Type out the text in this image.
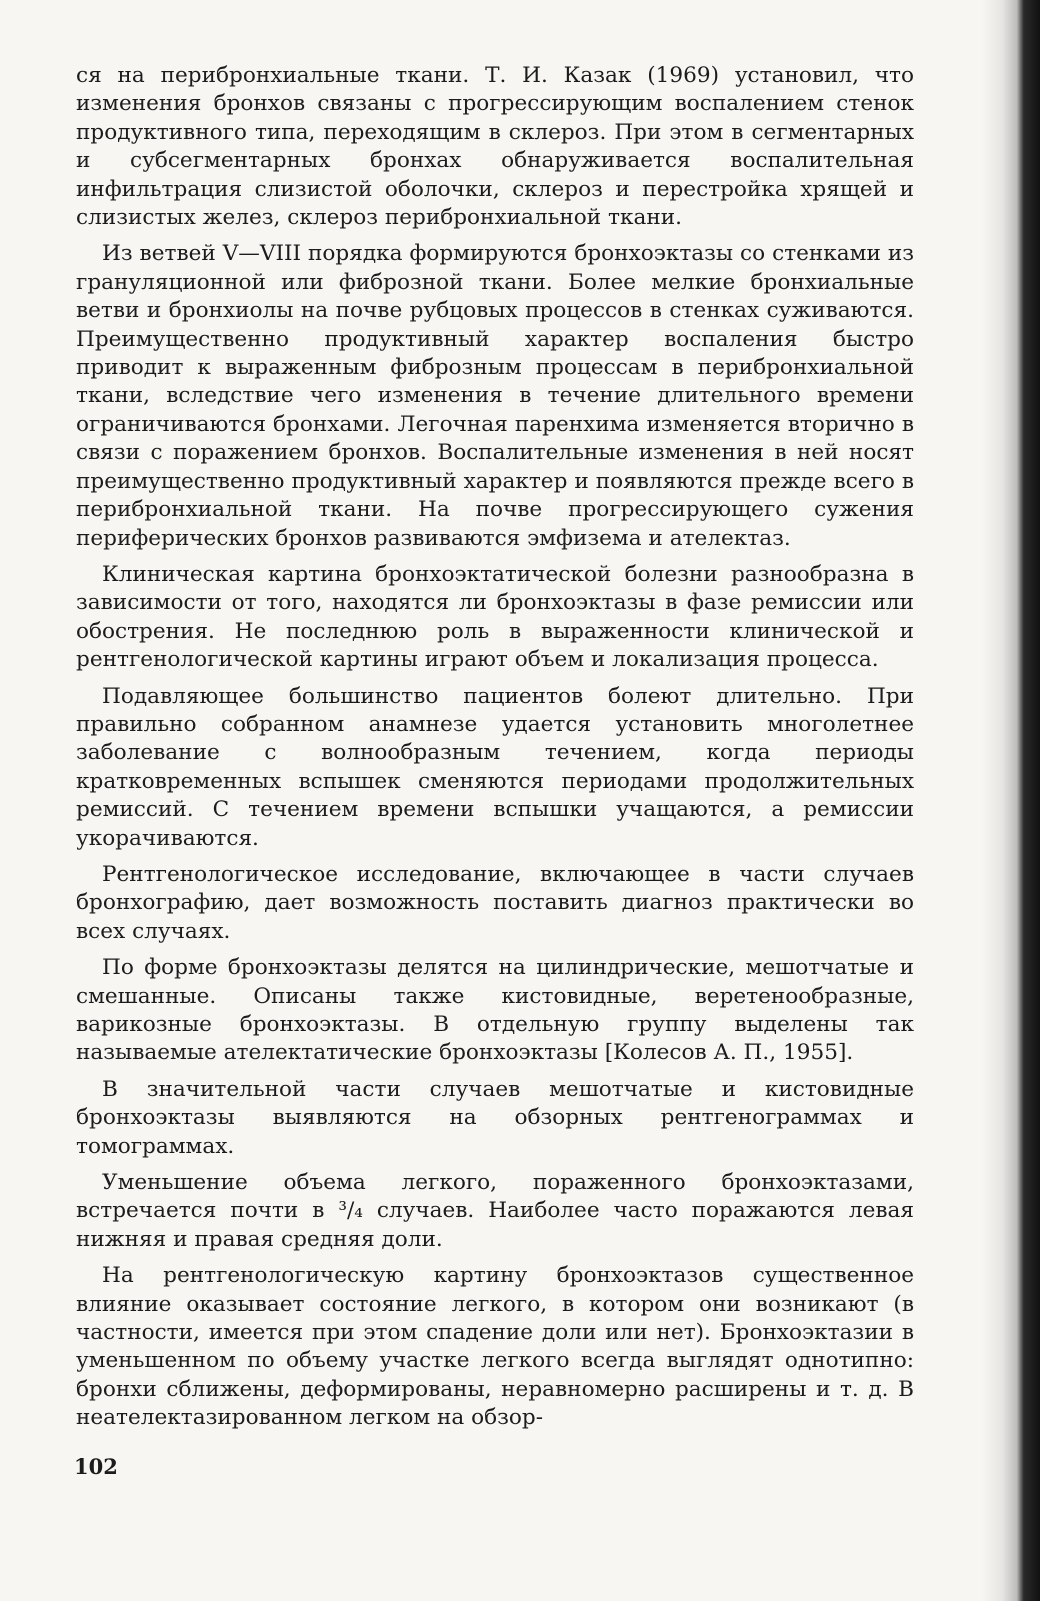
ся на перибронхиальные ткани. Т. И. Казак (1969) установил, что изменения бронхов связаны с прогрессирующим воспалением стенок продуктивного типа, переходящим в склероз. При этом в сегментарных и субсегментарных бронхах обнаруживается воспалительная инфильтрация слизистой оболочки, склероз и перестройка хрящей и слизистых желез, склероз перибронхиальной ткани.

Из ветвей V—VIII порядка формируются бронхоэктазы со стенками из грануляционной или фиброзной ткани. Более мелкие бронхиальные ветви и бронхиолы на почве рубцовых процессов в стенках суживаются. Преимущественно продуктивный характер воспаления быстро приводит к выраженным фиброзным процессам в перибронхиальной ткани, вследствие чего изменения в течение длительного времени ограничиваются бронхами. Легочная паренхима изменяется вторично в связи с поражением бронхов. Воспалительные изменения в ней носят преимущественно продуктивный характер и появляются прежде всего в перибронхиальной ткани. На почве прогрессирующего сужения периферических бронхов развиваются эмфизема и ателектаз.

Клиническая картина бронхоэктатической болезни разнообразна в зависимости от того, находятся ли бронхоэктазы в фазе ремиссии или обострения. Не последнюю роль в выраженности клинической и рентгенологической картины играют объем и локализация процесса.

Подавляющее большинство пациентов болеют длительно. При правильно собранном анамнезе удается установить многолетнее заболевание с волнообразным течением, когда периоды кратковременных вспышек сменяются периодами продолжительных ремиссий. С течением времени вспышки учащаются, а ремиссии укорачиваются.

Рентгенологическое исследование, включающее в части случаев бронхографию, дает возможность поставить диагноз практически во всех случаях.

По форме бронхоэктазы делятся на цилиндрические, мешотчатые и смешанные. Описаны также кистовидные, веретенообразные, варикозные бронхоэктазы. В отдельную группу выделены так называемые ателектатические бронхоэктазы [Колесов А. П., 1955].

В значительной части случаев мешотчатые и кистовидные бронхоэктазы выявляются на обзорных рентгенограммах и томограммах.

Уменьшение объема легкого, пораженного бронхоэктазами, встречается почти в ³/₄ случаев. Наиболее часто поражаются левая нижняя и правая средняя доли.

На рентгенологическую картину бронхоэктазов существенное влияние оказывает состояние легкого, в котором они возникают (в частности, имеется при этом спадение доли или нет). Бронхоэктазии в уменьшенном по объему участке легкого всегда выглядят однотипно: бронхи сближены, деформированы, неравномерно расширены и т. д. В неателектазированном легком на обзор-

102
